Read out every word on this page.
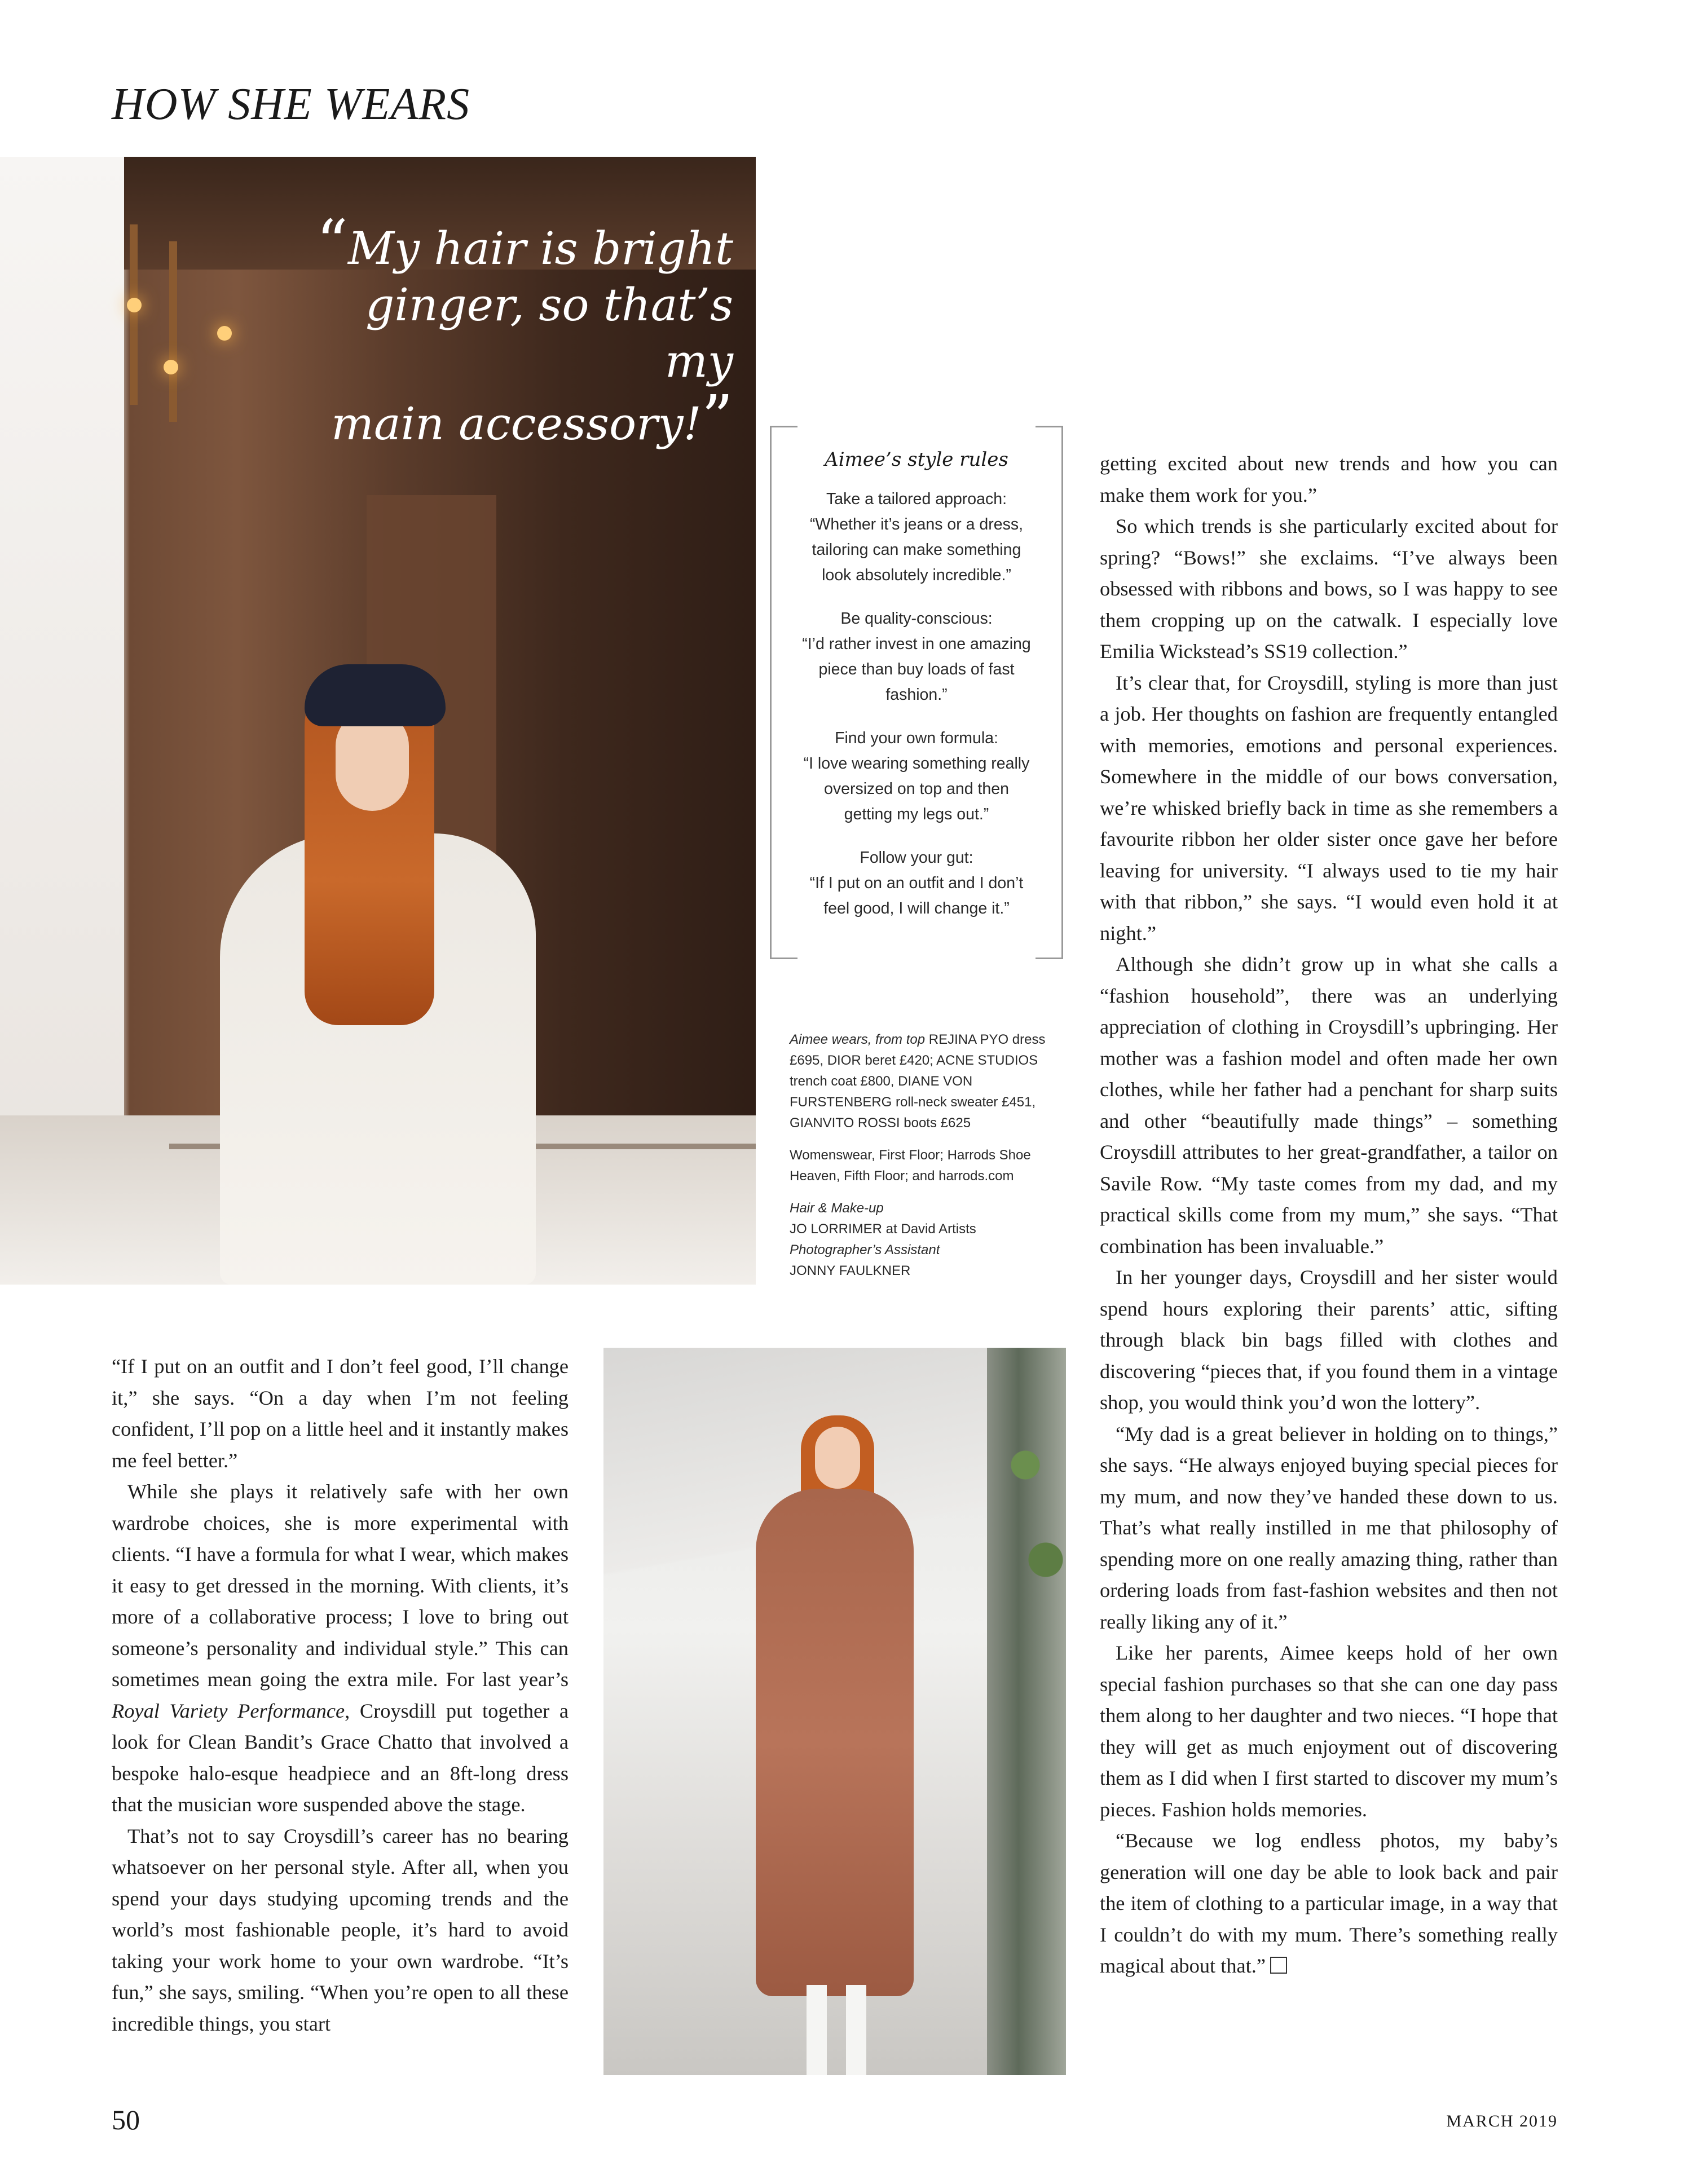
HOW SHE WEARS

“My hair is bright
ginger, so that’s my
main accessory!”

Aimee’s style rules

Take a tailored approach:

“Whether it’s jeans or a dress, tailoring can make something look absolutely incredible.”

Be quality-conscious:

“I’d rather invest in one amazing piece than buy loads of fast fashion.”

Find your own formula:

“I love wearing something really oversized on top and then getting my legs out.”

Follow your gut:

“If I put on an outfit and I don’t feel good, I will change it.”

Aimee wears, from top REJINA PYO dress £695, DIOR beret £420; ACNE STUDIOS trench coat £800, DIANE VON FURSTENBERG roll-neck sweater £451, GIANVITO ROSSI boots £625

Womenswear, First Floor; Harrods Shoe Heaven, Fifth Floor; and harrods.com

Hair & Make-up
JO LORRIMER at David Artists
Photographer’s Assistant
JONNY FAULKNER

“If I put on an outfit and I don’t feel good, I’ll change it,” she says. “On a day when I’m not feeling confident, I’ll pop on a little heel and it instantly makes me feel better.”

While she plays it relatively safe with her own wardrobe choices, she is more experimental with clients. “I have a formula for what I wear, which makes it easy to get dressed in the morning. With clients, it’s more of a collaborative process; I love to bring out someone’s personality and individual style.” This can sometimes mean going the extra mile. For last year’s Royal Variety Performance, Croysdill put together a look for Clean Bandit’s Grace Chatto that involved a bespoke halo-esque headpiece and an 8ft-long dress that the musician wore suspended above the stage.

That’s not to say Croysdill’s career has no bearing whatsoever on her personal style. After all, when you spend your days studying upcoming trends and the world’s most fashionable people, it’s hard to avoid taking your work home to your own wardrobe. “It’s fun,” she says, smiling. “When you’re open to all these incredible things, you start

getting excited about new trends and how you can make them work for you.”

So which trends is she particularly excited about for spring? “Bows!” she exclaims. “I’ve always been obsessed with ribbons and bows, so I was happy to see them cropping up on the catwalk. I especially love Emilia Wickstead’s SS19 collection.”

It’s clear that, for Croysdill, styling is more than just a job. Her thoughts on fashion are frequently entangled with memories, emotions and personal experiences. Somewhere in the middle of our bows conversation, we’re whisked briefly back in time as she remembers a favourite ribbon her older sister once gave her before leaving for university. “I always used to tie my hair with that ribbon,” she says. “I would even hold it at night.”

Although she didn’t grow up in what she calls a “fashion household”, there was an underlying appreciation of clothing in Croysdill’s upbringing. Her mother was a fashion model and often made her own clothes, while her father had a penchant for sharp suits and other “beautifully made things” – something Croysdill attributes to her great-grandfather, a tailor on Savile Row. “My taste comes from my dad, and my practical skills come from my mum,” she says. “That combination has been invaluable.”

In her younger days, Croysdill and her sister would spend hours exploring their parents’ attic, sifting through black bin bags filled with clothes and discovering “pieces that, if you found them in a vintage shop, you would think you’d won the lottery”.

“My dad is a great believer in holding on to things,” she says. “He always enjoyed buying special pieces for my mum, and now they’ve handed these down to us. That’s what really instilled in me that philosophy of spending more on one really amazing thing, rather than ordering loads from fast-fashion websites and then not really liking any of it.”

Like her parents, Aimee keeps hold of her own special fashion purchases so that she can one day pass them along to her daughter and two nieces. “I hope that they will get as much enjoyment out of discovering them as I did when I first started to discover my mum’s pieces. Fashion holds memories.

“Because we log endless photos, my baby’s generation will one day be able to look back and pair the item of clothing to a particular image, in a way that I couldn’t do with my mum. There’s something really magical about that.”

50	MARCH 2019
